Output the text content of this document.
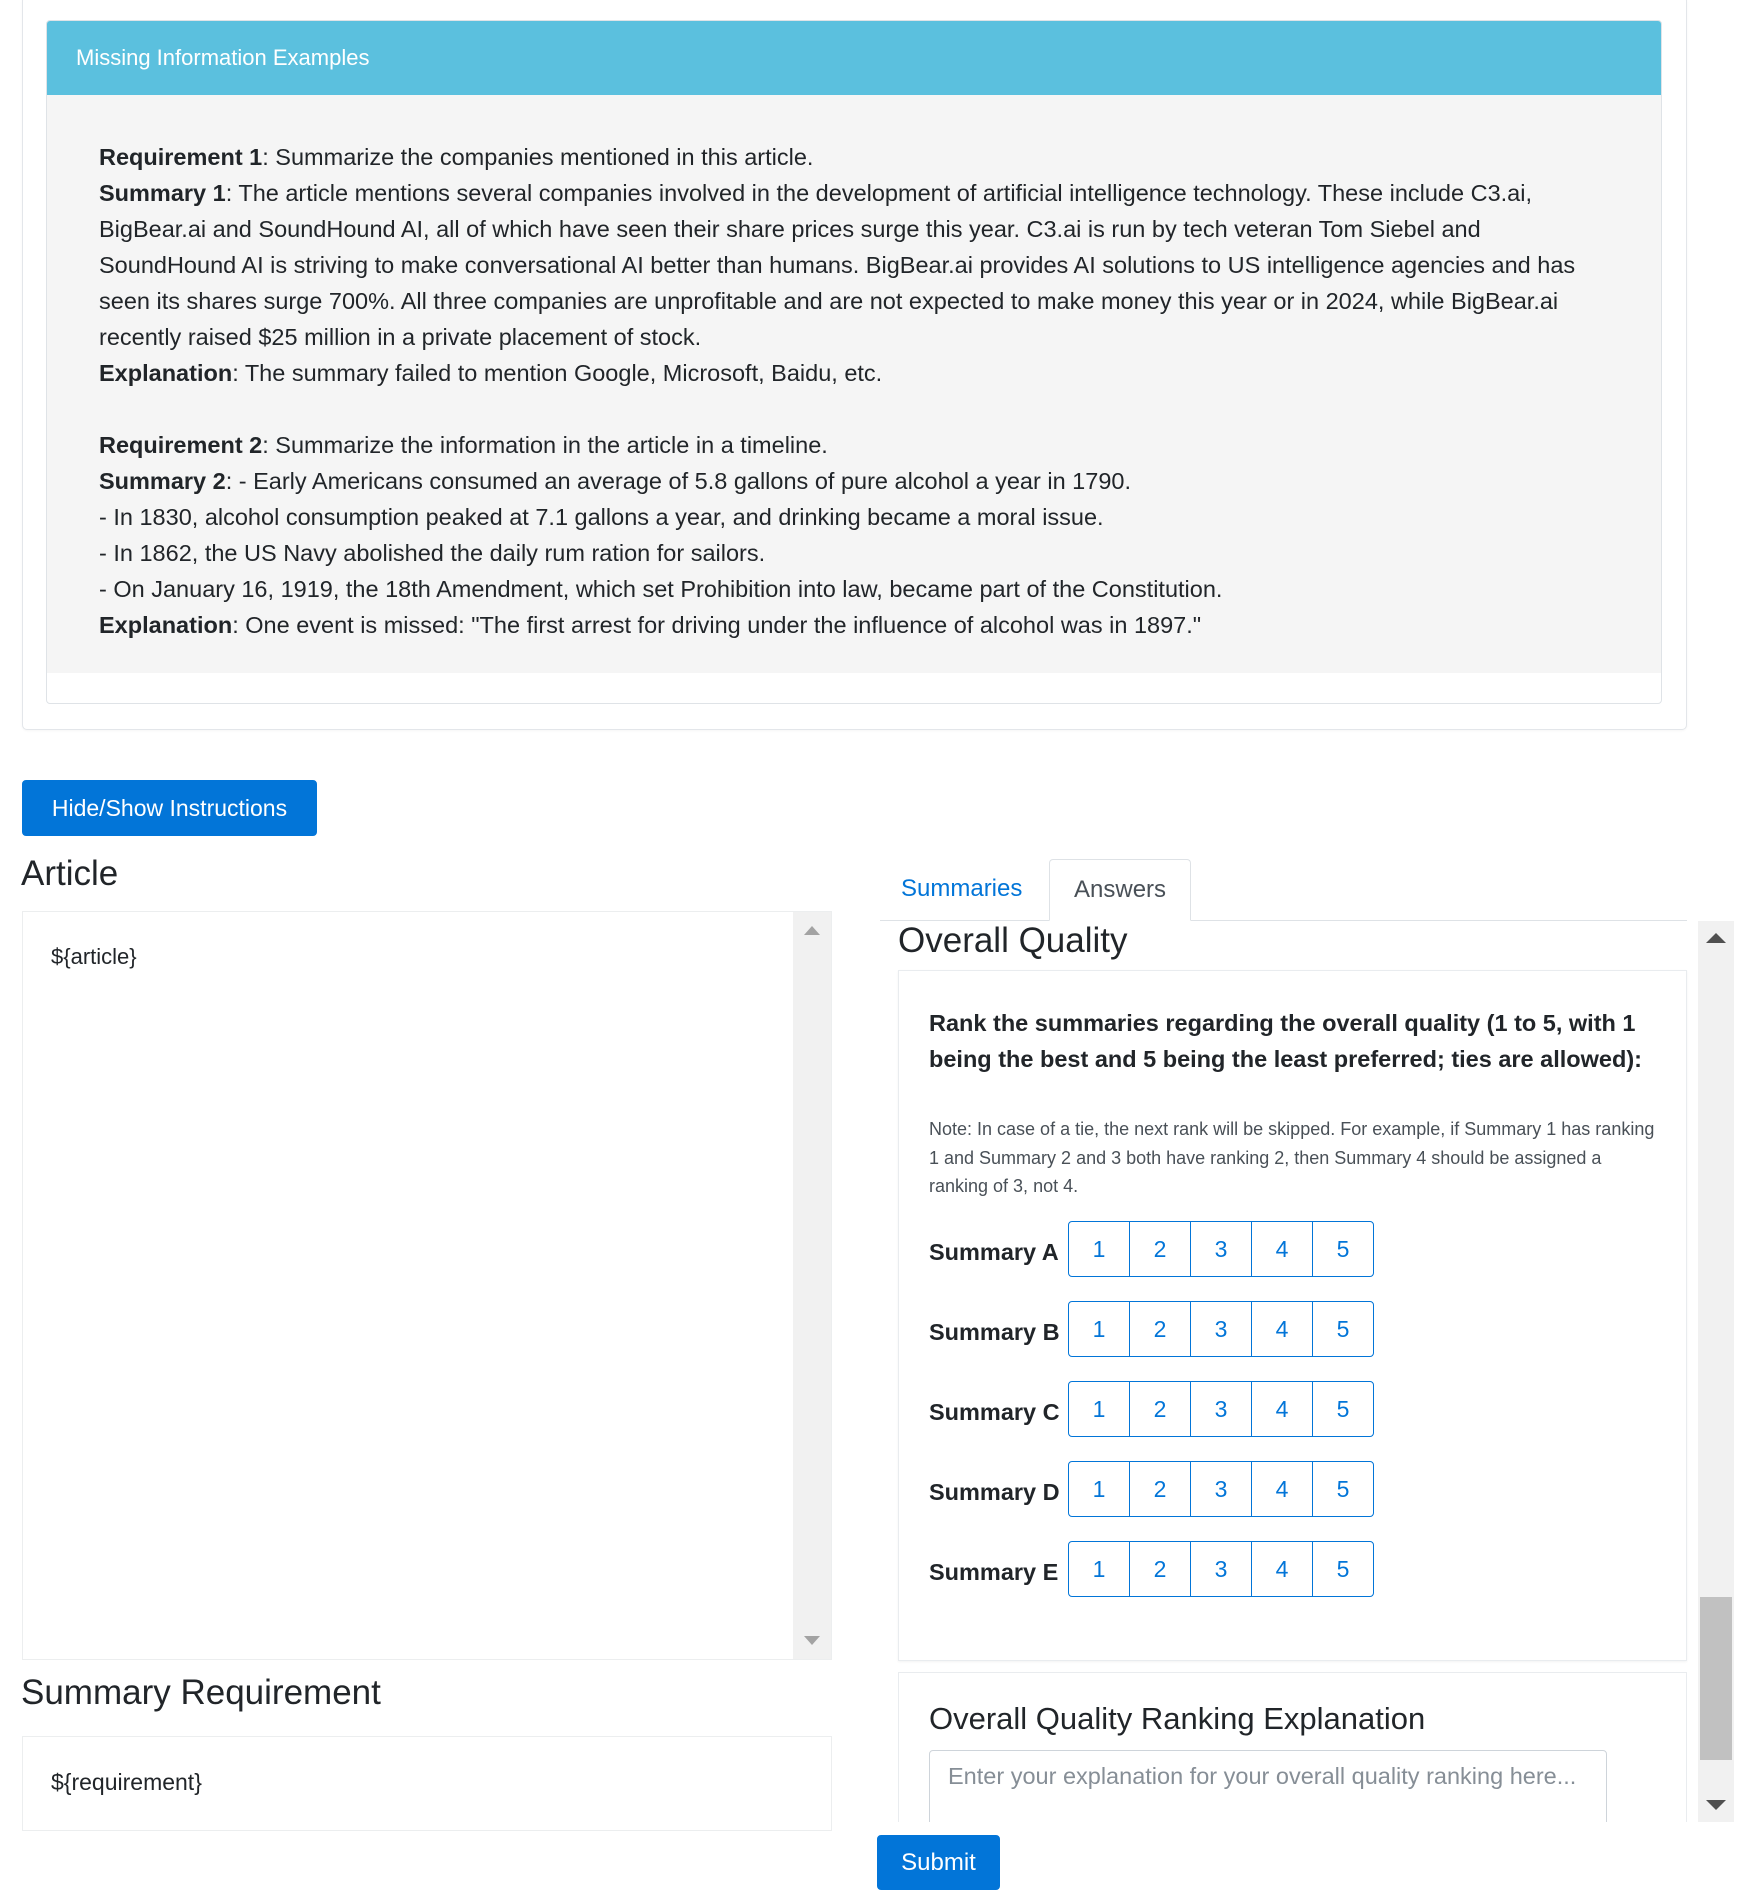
Missing Information Examples

Requirement 1: Summarize the companies mentioned in this article.

Summary 1: The article mentions several companies involved in the development of artificial intelligence technology. These include C3.ai, BigBear.ai and SoundHound AI, all of which have seen their share prices surge this year. C3.ai is run by tech veteran Tom Siebel and SoundHound AI is striving to make conversational AI better than humans. BigBear.ai provides AI solutions to US intelligence agencies and has seen its shares surge 700%. All three companies are unprofitable and are not expected to make money this year or in 2024, while BigBear.ai recently raised $25 million in a private placement of stock.

Explanation: The summary failed to mention Google, Microsoft, Baidu, etc.

Requirement 2: Summarize the information in the article in a timeline.

Summary 2: - Early Americans consumed an average of 5.8 gallons of pure alcohol a year in 1790.

- In 1830, alcohol consumption peaked at 7.1 gallons a year, and drinking became a moral issue.

- In 1862, the US Navy abolished the daily rum ration for sailors.

- On January 16, 1919, the 18th Amendment, which set Prohibition into law, became part of the Constitution.

Explanation: One event is missed: "The first arrest for driving under the influence of alcohol was in 1897."

Hide/Show Instructions
Article
${article}
Summary Requirement
${requirement}
Summaries	Answers
Overall Quality
Rank the summaries regarding the overall quality (1 to 5, with 1 being the best and 5 being the least preferred; ties are allowed):
Note: In case of a tie, the next rank will be skipped. For example, if Summary 1 has ranking 1 and Summary 2 and 3 both have ranking 2, then Summary 4 should be assigned a ranking of 3, not 4.
Summary A	1	2	3	4	5
Summary B	1	2	3	4	5
Summary C	1	2	3	4	5
Summary D	1	2	3	4	5
Summary E	1	2	3	4	5
Overall Quality Ranking Explanation
Enter your explanation for your overall quality ranking here...
Submit
